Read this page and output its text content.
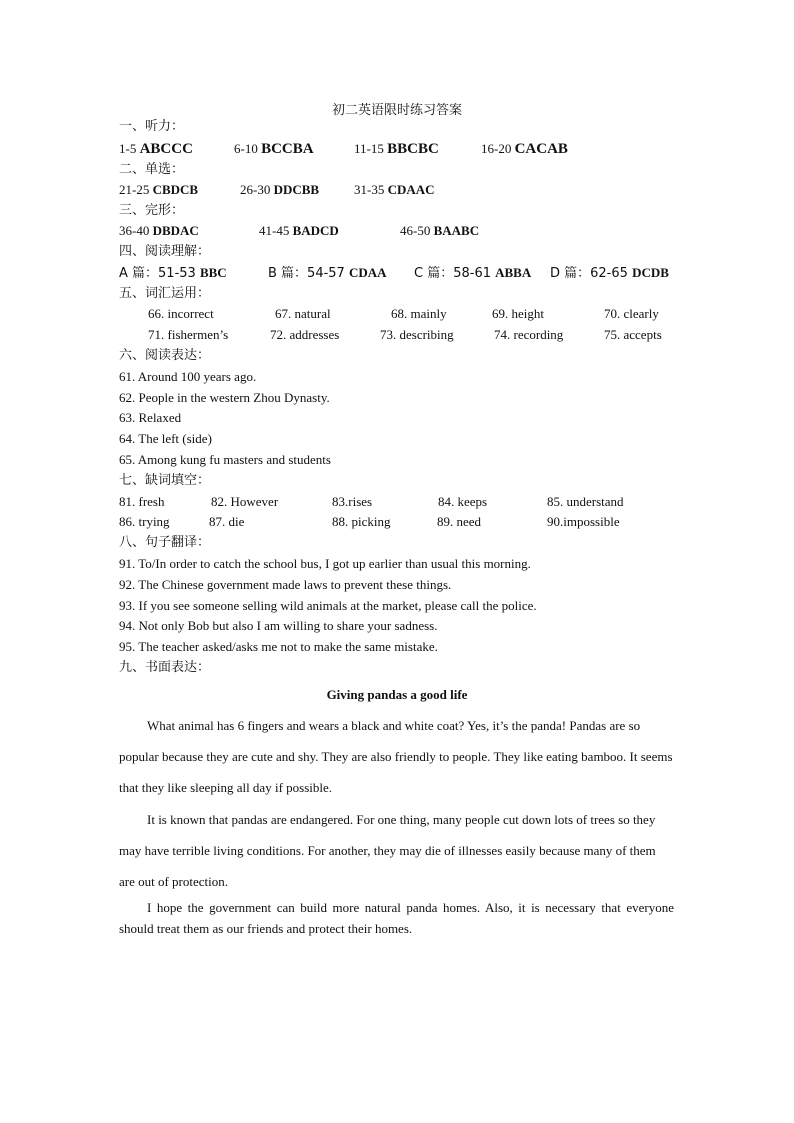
初二英语限时练习答案
一、听力：
1-5 ABCCC	6-10 BCCBA	11-15 BBCBC	16-20 CACAB
二、单选：
21-25 CBDCB	26-30 DDCBB	31-35 CDAAC
三、完形：
36-40 DBDAC	41-45 BADCD	46-50 BAABC
四、阅读理解：
A 篇：51-53 BBC	B 篇：54-57 CDAA C 篇：58-61 ABBA D 篇：62-65 DCDB
五、词汇运用：
66. incorrect	67. natural	68. mainly	69. height	70. clearly
71. fishermen’s	72. addresses	73. describing	74. recording	75. accepts
六、阅读表达：
61. Around 100 years ago.
62. People in the western Zhou Dynasty.
63. Relaxed
64. The left (side)
65. Among kung fu masters and students
七、缺词填空：
81. fresh	82. However	83.rises	84. keeps	85. understand
86. trying	87. die	88. picking	89. need	90.impossible
八、句子翻译：
91. To/In order to catch the school bus, I got up earlier than usual this morning.
92. The Chinese government made laws to prevent these things.
93. If you see someone selling wild animals at the market, please call the police.
94. Not only Bob but also I am willing to share your sadness.
95. The teacher asked/asks me not to make the same mistake.
九、书面表达：
Giving pandas a good life
What animal has 6 fingers and wears a black and white coat? Yes, it’s the panda! Pandas are so popular because they are cute and shy. They are also friendly to people. They like eating bamboo. It seems that they like sleeping all day if possible.
It is known that pandas are endangered. For one thing, many people cut down lots of trees so they may have terrible living conditions. For another, they may die of illnesses easily because many of them are out of protection.
I hope the government can build more natural panda homes. Also, it is necessary that everyone should treat them as our friends and protect their homes.
